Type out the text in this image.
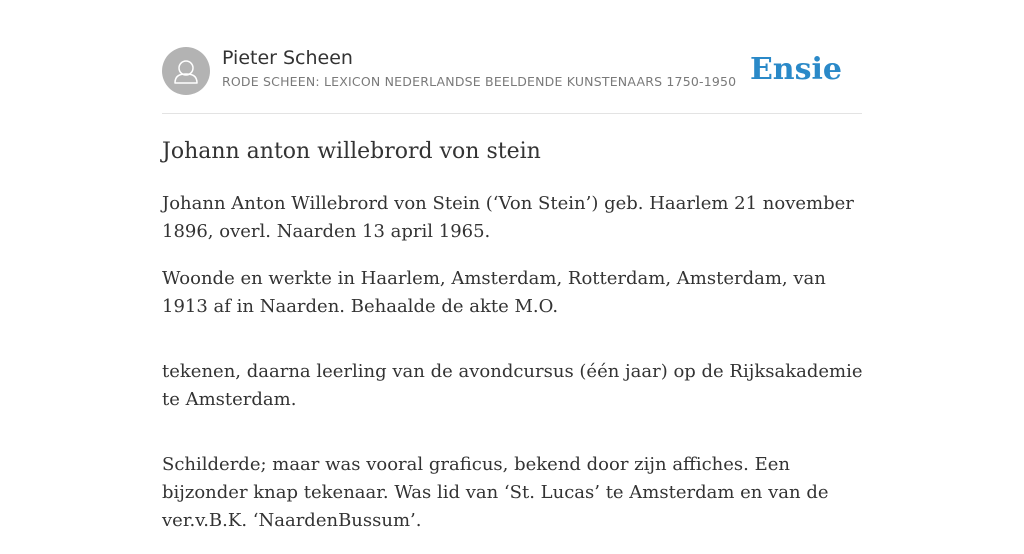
Pieter Scheen
RODE SCHEEN: LEXICON NEDERLANDSE BEELDENDE KUNSTENAARS 1750-1950 Ensie
Johann anton willebrord von stein

Johann Anton Willebrord von Stein (‘Von Stein’) geb. Haarlem 21 november 1896, overl. Naarden 13 april 1965.

Woonde en werkte in Haarlem, Amsterdam, Rotterdam, Amsterdam, van 1913 af in Naarden. Behaalde de akte M.O.

tekenen, daarna leerling van de avondcursus (één jaar) op de Rijksakademie te Amsterdam.

Schilderde; maar was vooral graficus, bekend door zijn affiches. Een bijzonder knap tekenaar. Was lid van ‘St. Lucas’ te Amsterdam en van de ver.v.B.K. ‘NaardenBussum’.
